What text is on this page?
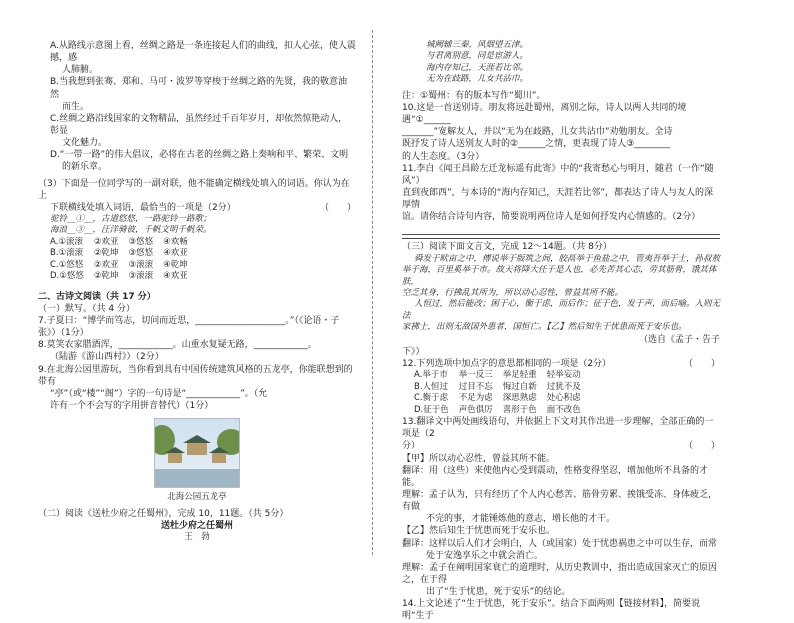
A.从路线示意图上看，丝绸之路是一条连接起人们的曲线，扣人心弦，使人震撼，感

人肺腑。

B.当我想到张骞、郑和、马可・波罗等穿梭于丝绸之路的先贤，我的敬意油然

而生。

C.丝绸之路沿线国家的文物精品，虽然经过千百年岁月，却依然惊艳动人，彰显

文化魅力。

D.“一带一路”的伟大倡议，必将在古老的丝绸之路上奏响和平、繁荣、文明

的新乐章。

（3）下面是一位同学写的一副对联，他不能确定横线处填入的词语。你认为在上

下联横线处填入词语，最恰当的一项是（2分）	（　　）

驼铃__①__，古道悠悠，一路驼铃一路歌；

海浪__③__，汪洋骑彼，千帆文明千帆荣。

A.①滚滚	②欢亚	③悠悠	④欢畅
B.①滚滚	②乾坤	③悠悠	④欢亚
C.①悠悠	②欢亚	③滚滚	④乾坤
D.①悠悠	②乾坤	③滚滚	④欢亚

二、古诗文阅读（共 17 分）

（一）默写。（共 4 分）

7.子夏曰：“博学而笃志，切问而近思，____________________。”（《论语・子张》）（1分）

8.莫笑农家腊酒浑，____________。山重水复疑无路，____________。

（陆游《游山西村》）（2分）

9.在北海公园里游玩，当你看到具有中国传统建筑风格的五龙亭，你能联想到的带有

“亭”（或“楼”“阁”）字的一句诗是“____________”。（允

许有一个不会写的字用拼音替代）（1分）

北海公园五龙亭

（二）阅读《送杜少府之任蜀州》，完成 10，11题。（共 5分）

送杜少府之任蜀州

王　勃

城阙辅三秦，风烟望五津。

与君离别意，同是宦游人。

海内存知己，天涯若比邻。

无为在歧路，儿女共沾巾。

注：①蜀州：有的版本写作“蜀川”。

10.这是一首送别诗。朋友将远赴蜀州，离别之际，诗人以两人共同的境遇“①______

_______”宽解友人，并以“无为在歧路，儿女共沾巾”劝勉朋友。全诗

既抒发了诗人送别友人时的②______之情，更表现了诗人③________

的人生态度。（3分）

11.李白《闻王昌龄左迁龙标遥有此寄》中的“我寄愁心与明月，随君（一作“随风”）

直到夜郎西”，与本诗的“海内存知己，天涯若比邻”，都表达了诗人与友人的深厚情

谊。请你结合诗句内容，简要说明两位诗人是如何抒发内心情感的。（2分）

（三）阅读下面文言文，完成 12～14题。（共 8分）

舜发于畎亩之中，傅说举于版筑之间，胶鬲举于鱼盐之中，管夷吾举于士，孙叔敖

举于海，百里奚举于市。故天将降大任于是人也，必先苦其心志，劳其筋骨，饿其体肤，

空乏其身，行拂乱其所为，所以动心忍性，曾益其所不能。

人恒过，然后能改；困于心，衡于虑，而后作；征于色，发于声，而后喻。入则无法

家拂士，出则无敌国外患者，国恒亡。【乙】然后知生于忧患而死于安乐也。

（选自《孟子・告子

下》）

12.下列选项中加点字的意思都相同的一项是（2分）	（　　）

A.举于市	举一反三	举足轻重	轻举妄动
B.人恒过	过目不忘	悔过自新	过犹不及
C.衡于虑	不足为虑	深思熟虑	处心积虑
D.征于色	声色俱厉	喜形于色	面不改色

13.翻译文中两处画线语句，并依据上下文对其作出进一步理解，全部正确的一项是（2

分）	（　　）

【甲】所以动心忍性，曾益其所不能。

翻译：用（这些）来使他内心受到震动，性格变得坚忍，增加他所不具备的才能。

理解：孟子认为，只有经历了个人内心愁苦、筋骨劳累、挨饿受冻、身体疲乏，有做

不完的事，才能锤炼他的意志，增长他的才干。

【乙】然后知生于忧患而死于安乐也。

翻译：这样以后人们才会明白，人（或国家）处于忧患祸患之中可以生存，而常

处于安逸享乐之中就会消亡。

理解：孟子在阐明国家衰亡的道理时，从历史教训中，指出造成国家灭亡的原因之，在于得

出了“生于忧患，死于安乐”的结论。

14.上文论述了“生于忧患，死于安乐”。结合下面两则【链接材料】，简要说明“生于
